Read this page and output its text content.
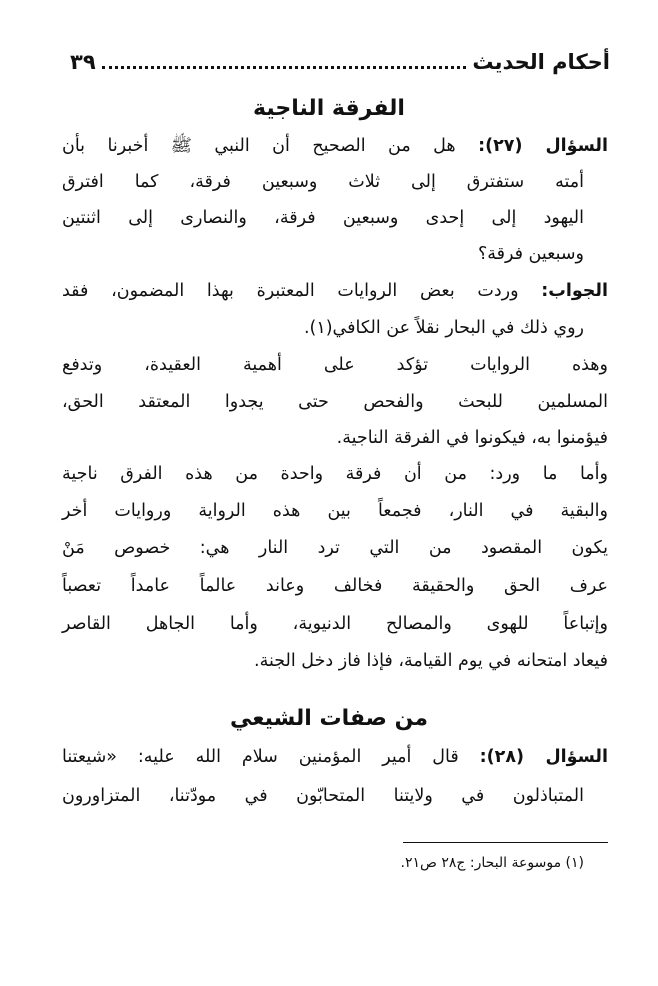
أحكام الحديث
٣٩
الفرقة الناجية
السؤال (٢٧): هل من الصحيح أن النبي ﷺ أخبرنا بأن
أمته ستفترق إلى ثلاث وسبعين فرقة، كما افترق
اليهود إلى إحدى وسبعين فرقة، والنصارى إلى اثنتين
وسبعين فرقة؟
الجواب: وردت بعض الروايات المعتبرة بهذا المضمون، فقد
روي ذلك في البحار نقلاً عن الكافي(١).
وهذه الروايات تؤكد على أهمية العقيدة، وتدفع
المسلمين للبحث والفحص حتى يجدوا المعتقد الحق،
فيؤمنوا به، فيكونوا في الفرقة الناجية.
وأما ما ورد: من أن فرقة واحدة من هذه الفرق ناجية
والبقية في النار، فجمعاً بين هذه الرواية وروايات أخر
يكون المقصود من التي ترد النار هي: خصوص مَنْ
عرف الحق والحقيقة فخالف وعاند عالماً عامداً تعصباً
وإتباعاً للهوى والمصالح الدنيوية، وأما الجاهل القاصر
فيعاد امتحانه في يوم القيامة، فإذا فاز دخل الجنة.
من صفات الشيعي
السؤال (٢٨): قال أمير المؤمنين سلام الله عليه: «شيعتنا
المتباذلون في ولايتنا المتحابّون في مودّتنا، المتزاورون
(١) موسوعة البحار: ج٢٨ ص٢١.
